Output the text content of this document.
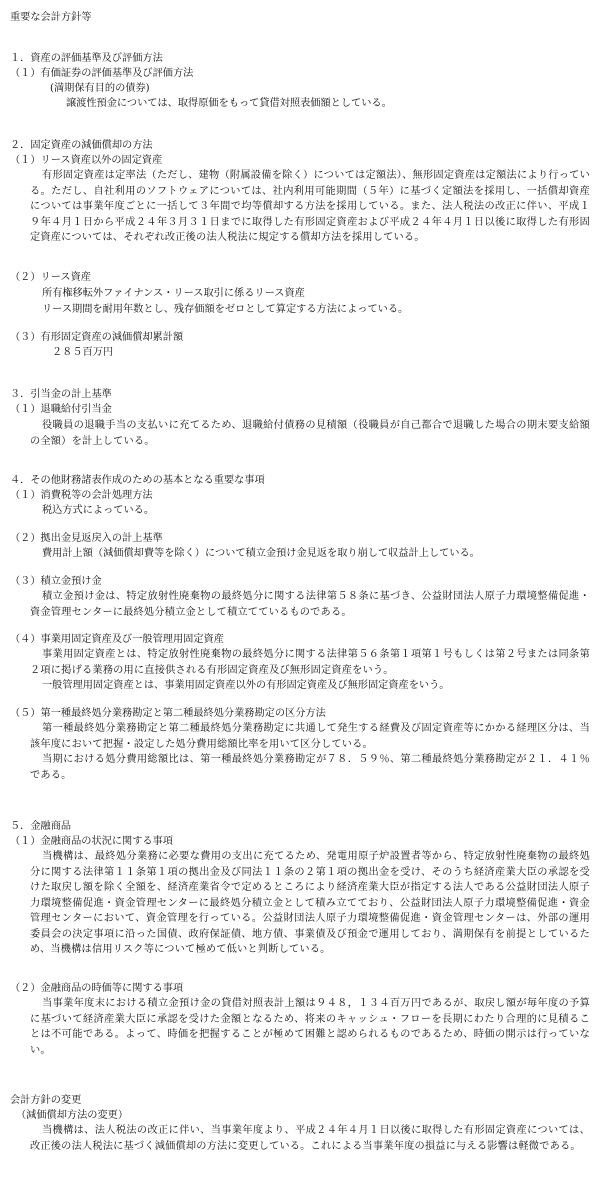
重要な会計方針等
１．資産の評価基準及び評価方法
（１）有価証券の評価基準及び評価方法
(満期保有目的の債券)
譲渡性預金については、取得原価をもって貸借対照表価額としている。
２．固定資産の減価償却の方法
（１）リース資産以外の固定資産
有形固定資産は定率法（ただし、建物（附属設備を除く）については定額法）、無形固定資産は定額法により行っている。ただし、自社利用のソフトウェアについては、社内利用可能期間（５年）に基づく定額法を採用し、一括償却資産については事業年度ごとに一括して３年間で均等償却する方法を採用している。また、法人税法の改正に伴い、平成１９年４月１日から平成２４年３月３１日までに取得した有形固定資産および平成２４年４月１日以後に取得した有形固定資産については、それぞれ改正後の法人税法に規定する償却方法を採用している。
（２）リース資産
所有権移転外ファイナンス・リース取引に係るリース資産
リース期間を耐用年数とし、残存価額をゼロとして算定する方法によっている。
（３）有形固定資産の減価償却累計額
２８５百万円
３．引当金の計上基準
（１）退職給付引当金
役職員の退職手当の支払いに充てるため、退職給付債務の見積額（役職員が自己都合で退職した場合の期末要支給額の全額）を計上している。
４．その他財務諸表作成のための基本となる重要な事項
（１）消費税等の会計処理方法
税込方式によっている。
（２）拠出金見返戻入の計上基準
費用計上額（減価償却費等を除く）について積立金預け金見返を取り崩して収益計上している。
（３）積立金預け金
積立金預け金は、特定放射性廃棄物の最終処分に関する法律第５８条に基づき、公益財団法人原子力環境整備促進・資金管理センターに最終処分積立金として積立てているものである。
（４）事業用固定資産及び一般管理用固定資産
事業用固定資産とは、特定放射性廃棄物の最終処分に関する法律第５６条第１項第１号もしくは第２号または同条第２項に掲げる業務の用に直接供される有形固定資産及び無形固定資産をいう。
一般管理用固定資産とは、事業用固定資産以外の有形固定資産及び無形固定資産をいう。
（５）第一種最終処分業務勘定と第二種最終処分業務勘定の区分方法
第一種最終処分業務勘定と第二種最終処分業務勘定に共通して発生する経費及び固定資産等にかかる経理区分は、当該年度において把握・設定した処分費用総額比率を用いて区分している。
当期における処分費用総額比は、第一種最終処分業務勘定が７８．５９％、第二種最終処分業務勘定が２１．４１％である。
５．金融商品
（１）金融商品の状況に関する事項
当機構は、最終処分業務に必要な費用の支出に充てるため、発電用原子炉設置者等から、特定放射性廃棄物の最終処分に関する法律第１１条第１項の拠出金及び同法１１条の２第１項の拠出金を受け、そのうち経済産業大臣の承認を受けた取戻し額を除く全額を、経済産業省令で定めるところにより経済産業大臣が指定する法人である公益財団法人原子力環境整備促進・資金管理センターに最終処分積立金として積み立てており、公益財団法人原子力環境整備促進・資金管理センターにおいて、資金管理を行っている。公益財団法人原子力環境整備促進・資金管理センターは、外部の運用委員会の決定事項に沿った国債、政府保証債、地方債、事業債及び預金で運用しており、満期保有を前提としているため、当機構は信用リスク等について極めて低いと判断している。
（２）金融商品の時価等に関する事項
当事業年度末における積立金預け金の貸借対照表計上額は９４８，１３４百万円であるが、取戻し額が毎年度の予算に基づいて経済産業大臣に承認を受けた金額となるため、将来のキャッシュ・フローを長期にわたり合理的に見積ることは不可能である。よって、時価を把握することが極めて困難と認められるものであるため、時価の開示は行っていない。
会計方針の変更
（減価償却方法の変更）
当機構は、法人税法の改正に伴い、当事業年度より、平成２４年４月１日以後に取得した有形固定資産については、改正後の法人税法に基づく減価償却の方法に変更している。これによる当事業年度の損益に与える影響は軽微である。
